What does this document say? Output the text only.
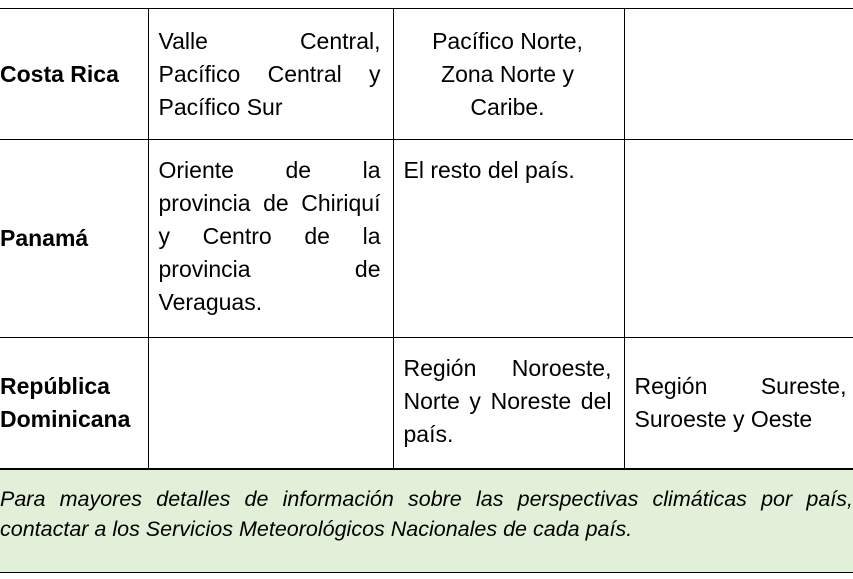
Costa Rica	Valle Central, Pacífico Central y Pacífico Sur	Pacífico Norte, Zona Norte y Caribe.	

Panamá	Oriente de la provincia de Chiriquí y Centro de la provincia de Veraguas.	El resto del país.	

República Dominicana		Región Noroeste, Norte y Noreste del país.	Región Sureste, Suroeste y Oeste

Para mayores detalles de información sobre las perspectivas climáticas por país, contactar a los Servicios Meteorológicos Nacionales de cada país.
